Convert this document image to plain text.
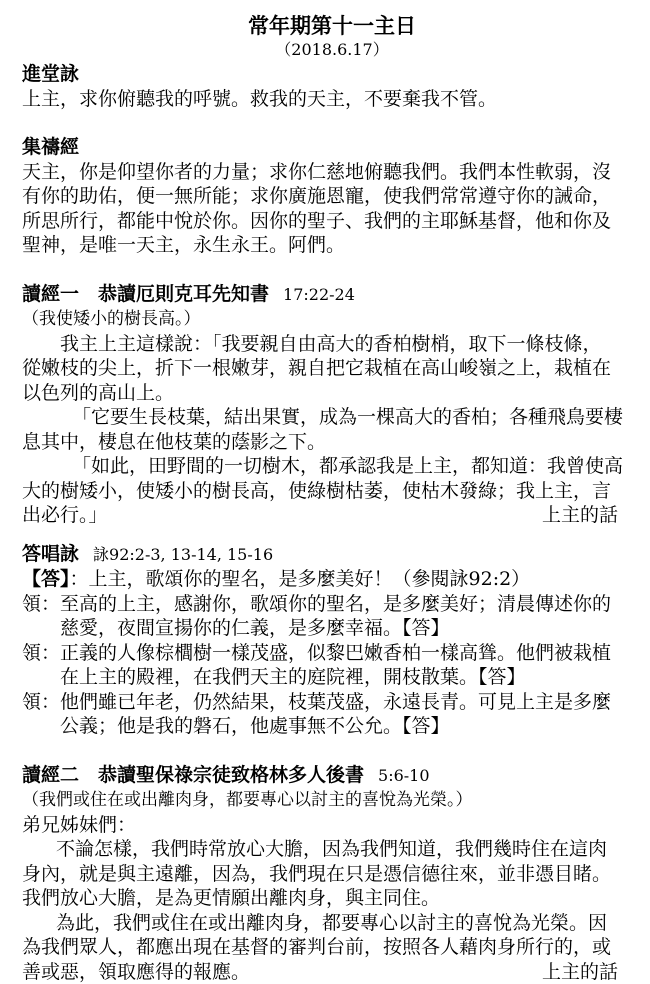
常年期第十一主日
（2018.6.17）
進堂詠
上主，求你俯聽我的呼號。救我的天主，不要棄我不管。
集禱經
天主，你是仰望你者的力量；求你仁慈地俯聽我們。我們本性軟弱，沒
有你的助佑，便一無所能；求你廣施恩寵，使我們常常遵守你的誡命，
所思所行，都能中悅於你。因你的聖子、我們的主耶穌基督，他和你及
聖神，是唯一天主，永生永王。阿們。
讀經一　恭讀厄則克耳先知書 17:22-24
（我使矮小的樹長高。）
我主上主這樣說：「我要親自由高大的香柏樹梢，取下一條枝條，
從嫩枝的尖上，折下一根嫩芽，親自把它栽植在高山峻嶺之上，栽植在
以色列的高山上。
「它要生長枝葉，結出果實，成為一棵高大的香柏；各種飛鳥要棲
息其中，棲息在他枝葉的蔭影之下。
「如此，田野間的一切樹木，都承認我是上主，都知道：我曾使高
大的樹矮小，使矮小的樹長高，使綠樹枯萎，使枯木發綠；我上主，言
出必行。」	上主的話
答唱詠 詠92:2-3, 13-14, 15-16
【答】：上主，歌頌你的聖名，是多麼美好！（參閱詠92:2）
領：至高的上主，感謝你，歌頌你的聖名，是多麼美好；清晨傳述你的
慈愛，夜間宣揚你的仁義，是多麼幸福。【答】
領：正義的人像棕櫚樹一樣茂盛，似黎巴嫩香柏一樣高聳。他們被栽植
在上主的殿裡，在我們天主的庭院裡，開枝散葉。【答】
領：他們雖已年老，仍然結果，枝葉茂盛，永遠長青。可見上主是多麼
公義；他是我的磐石，他處事無不公允。【答】
讀經二　恭讀聖保祿宗徒致格林多人後書 5:6-10
（我們或住在或出離肉身，都要專心以討主的喜悅為光榮。）
弟兄姊妹們：
不論怎樣，我們時常放心大膽，因為我們知道，我們幾時住在這肉
身內，就是與主遠離，因為，我們現在只是憑信德往來，並非憑目睹。
我們放心大膽，是為更情願出離肉身，與主同住。
為此，我們或住在或出離肉身，都要專心以討主的喜悅為光榮。因
為我們眾人，都應出現在基督的審判台前，按照各人藉肉身所行的，或
善或惡，領取應得的報應。	上主的話
